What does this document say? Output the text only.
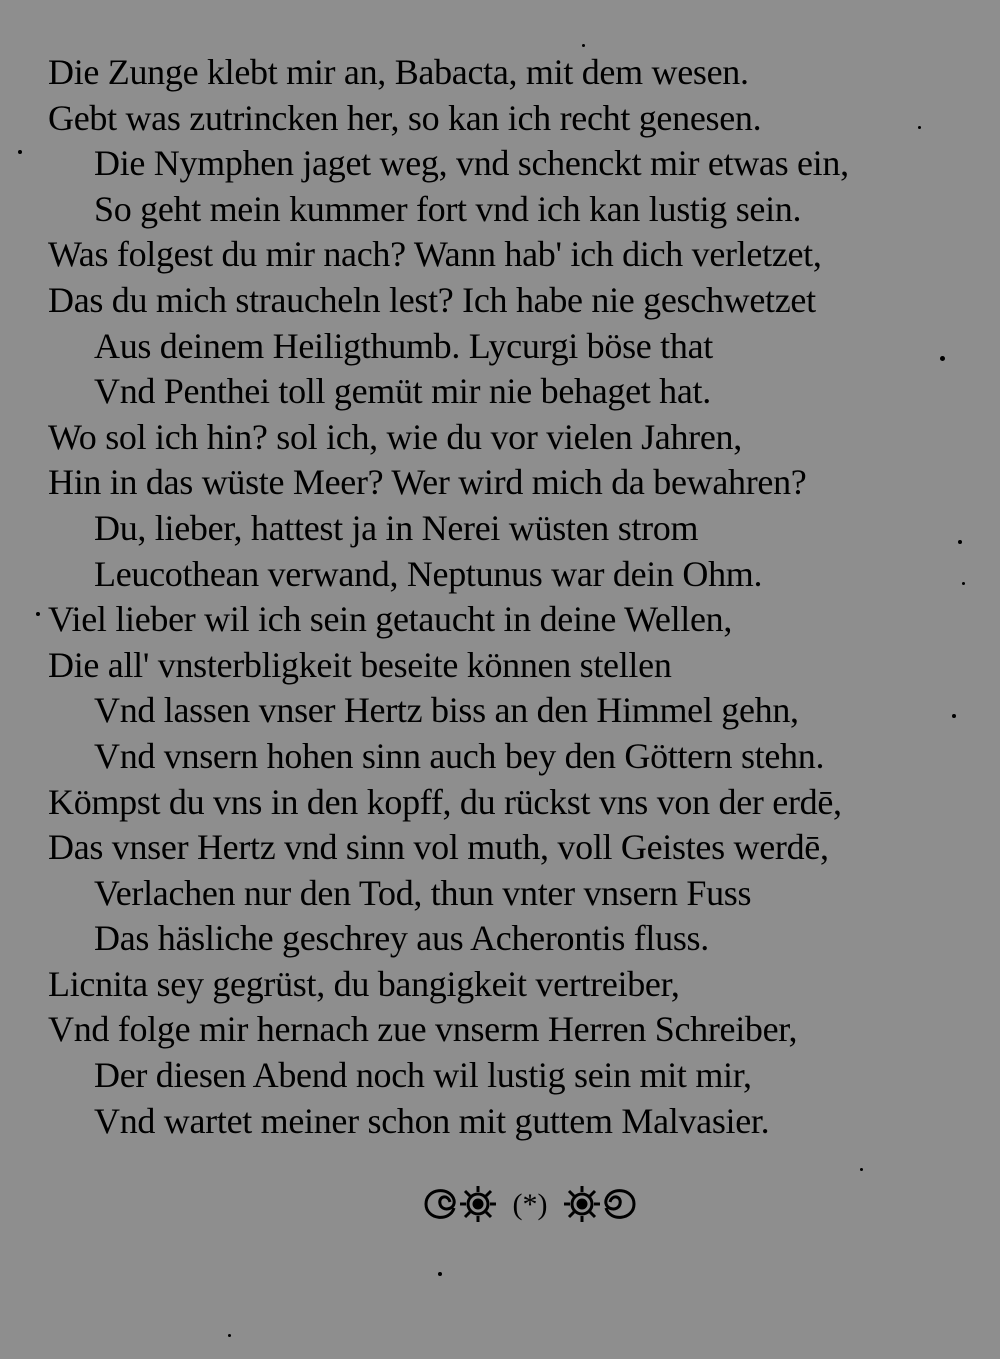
Die Zunge klebt mir an, Babacta, mit dem wesen.
Gebt was zutrincken her, so kan ich recht genesen.
Die Nymphen jaget weg, vnd schenckt mir etwas ein,
So geht mein kummer fort vnd ich kan lustig sein.
Was folgest du mir nach? Wann hab' ich dich verletzet,
Das du mich straucheln lest? Ich habe nie geschwetzet
Aus deinem Heiligthumb. Lycurgi böse that
Vnd Penthei toll gemüt mir nie behaget hat.
Wo sol ich hin? sol ich, wie du vor vielen Jahren,
Hin in das wüste Meer? Wer wird mich da bewahren?
Du, lieber, hattest ja in Nerei wüsten strom
Leucothean verwand, Neptunus war dein Ohm.
Viel lieber wil ich sein getaucht in deine Wellen,
Die all' vnsterbligkeit beseite können stellen
Vnd lassen vnser Hertz biss an den Himmel gehn,
Vnd vnsern hohen sinn auch bey den Göttern stehn.
Kömpst du vns in den kopff, du rückst vns von der erdē,
Das vnser Hertz vnd sinn vol muth, voll Geistes werdē,
Verlachen nur den Tod, thun vnter vnsern Fuss
Das häsliche geschrey aus Acherontis fluss.
Licnita sey gegrüst, du bangigkeit vertreiber,
Vnd folge mir hernach zue vnserm Herren Schreiber,
Der diesen Abend noch wil lustig sein mit mir,
Vnd wartet meiner schon mit guttem Malvasier.
(*)
